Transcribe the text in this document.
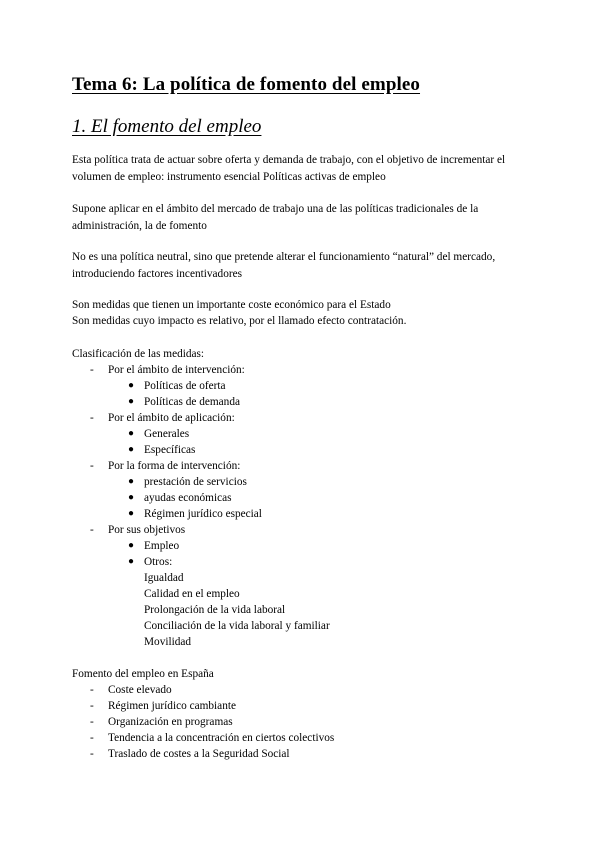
Tema 6: La política de fomento del empleo
1. El fomento del empleo
Esta política trata de actuar sobre oferta y demanda de trabajo, con el objetivo de incrementar el volumen de empleo: instrumento esencial Políticas activas de empleo
Supone aplicar en el ámbito del mercado de trabajo una de las políticas tradicionales de la administración, la de fomento
No es una política neutral, sino que pretende alterar el funcionamiento “natural” del mercado, introduciendo factores incentivadores
Son medidas que tienen un importante coste económico para el Estado
Son medidas cuyo impacto es relativo, por el llamado efecto contratación.
Clasificación de las medidas:
- Por el ámbito de intervención:
● Políticas de oferta
● Políticas de demanda
- Por el ámbito de aplicación:
● Generales
● Específicas
- Por la forma de intervención:
● prestación de servicios
● ayudas económicas
● Régimen jurídico especial
- Por sus objetivos
● Empleo
● Otros:
Igualdad
Calidad en el empleo
Prolongación de la vida laboral
Conciliación de la vida laboral y familiar
Movilidad
Fomento del empleo en España
- Coste elevado
- Régimen jurídico cambiante
- Organización en programas
- Tendencia a la concentración en ciertos colectivos
- Traslado de costes a la Seguridad Social
